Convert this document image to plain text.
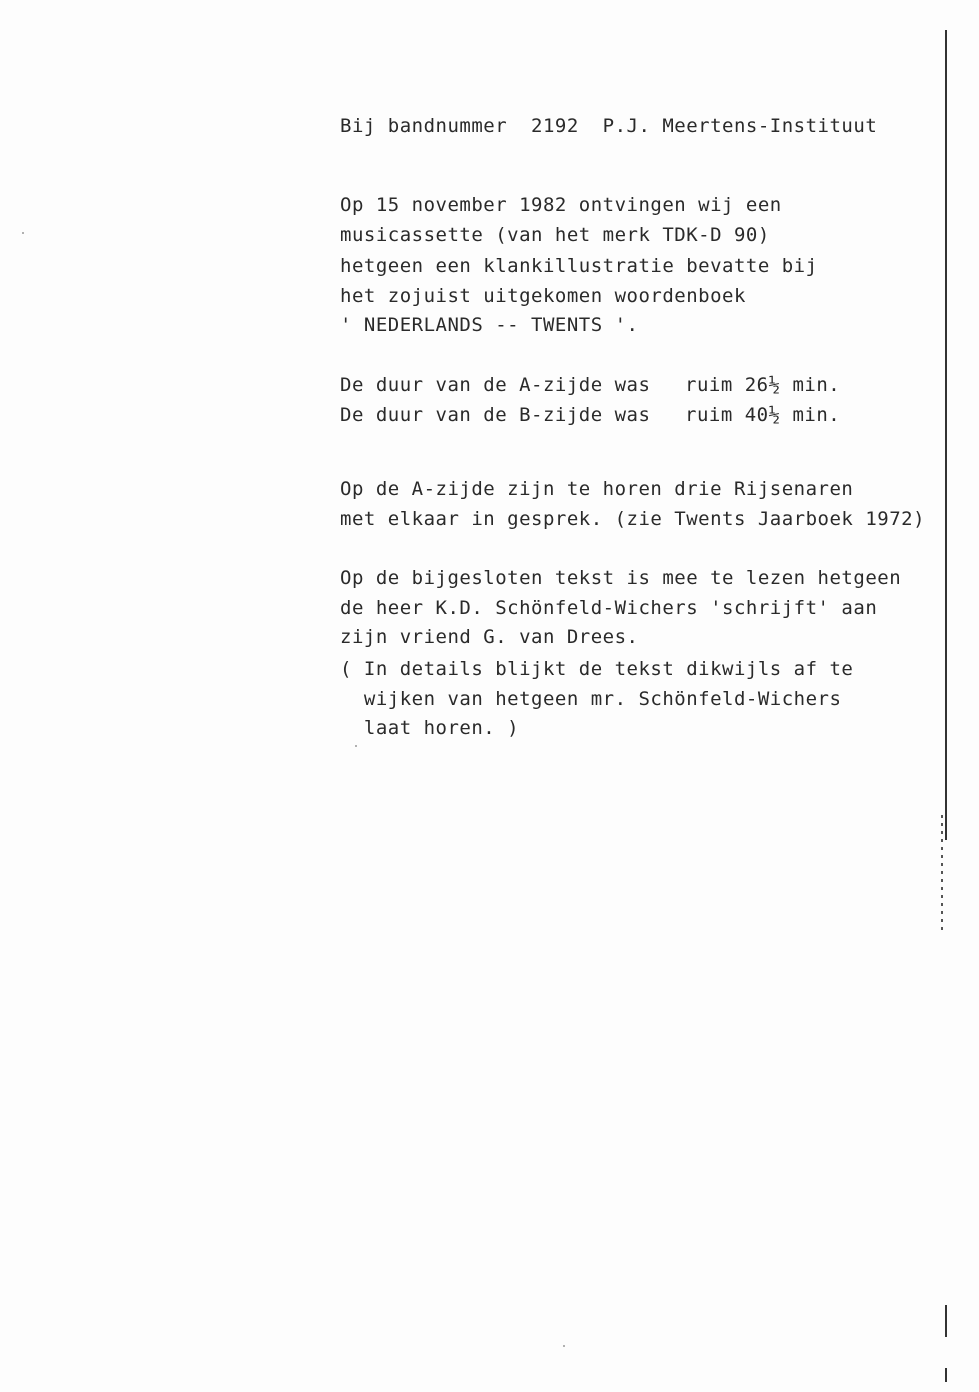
Bij bandnummer  2192  P.J. Meertens-Instituut
Op 15 november 1982 ontvingen wij een
musicassette (van het merk TDK-D 90)
hetgeen een klankillustratie bevatte bij
het zojuist uitgekomen woordenboek
' NEDERLANDS -- TWENTS '.
De duur van de A-zijde was ruim 26½ min.
De duur van de B-zijde was ruim 40½ min.
Op de A-zijde zijn te horen drie Rijsenaren
met elkaar in gesprek. (zie Twents Jaarboek 1972)
Op de bijgesloten tekst is mee te lezen hetgeen
de heer K.D. Schönfeld-Wichers 'schrijft' aan
zijn vriend G. van Drees.
( In details blijkt de tekst dikwijls af te
wijken van hetgeen mr. Schönfeld-Wichers
laat horen. )
